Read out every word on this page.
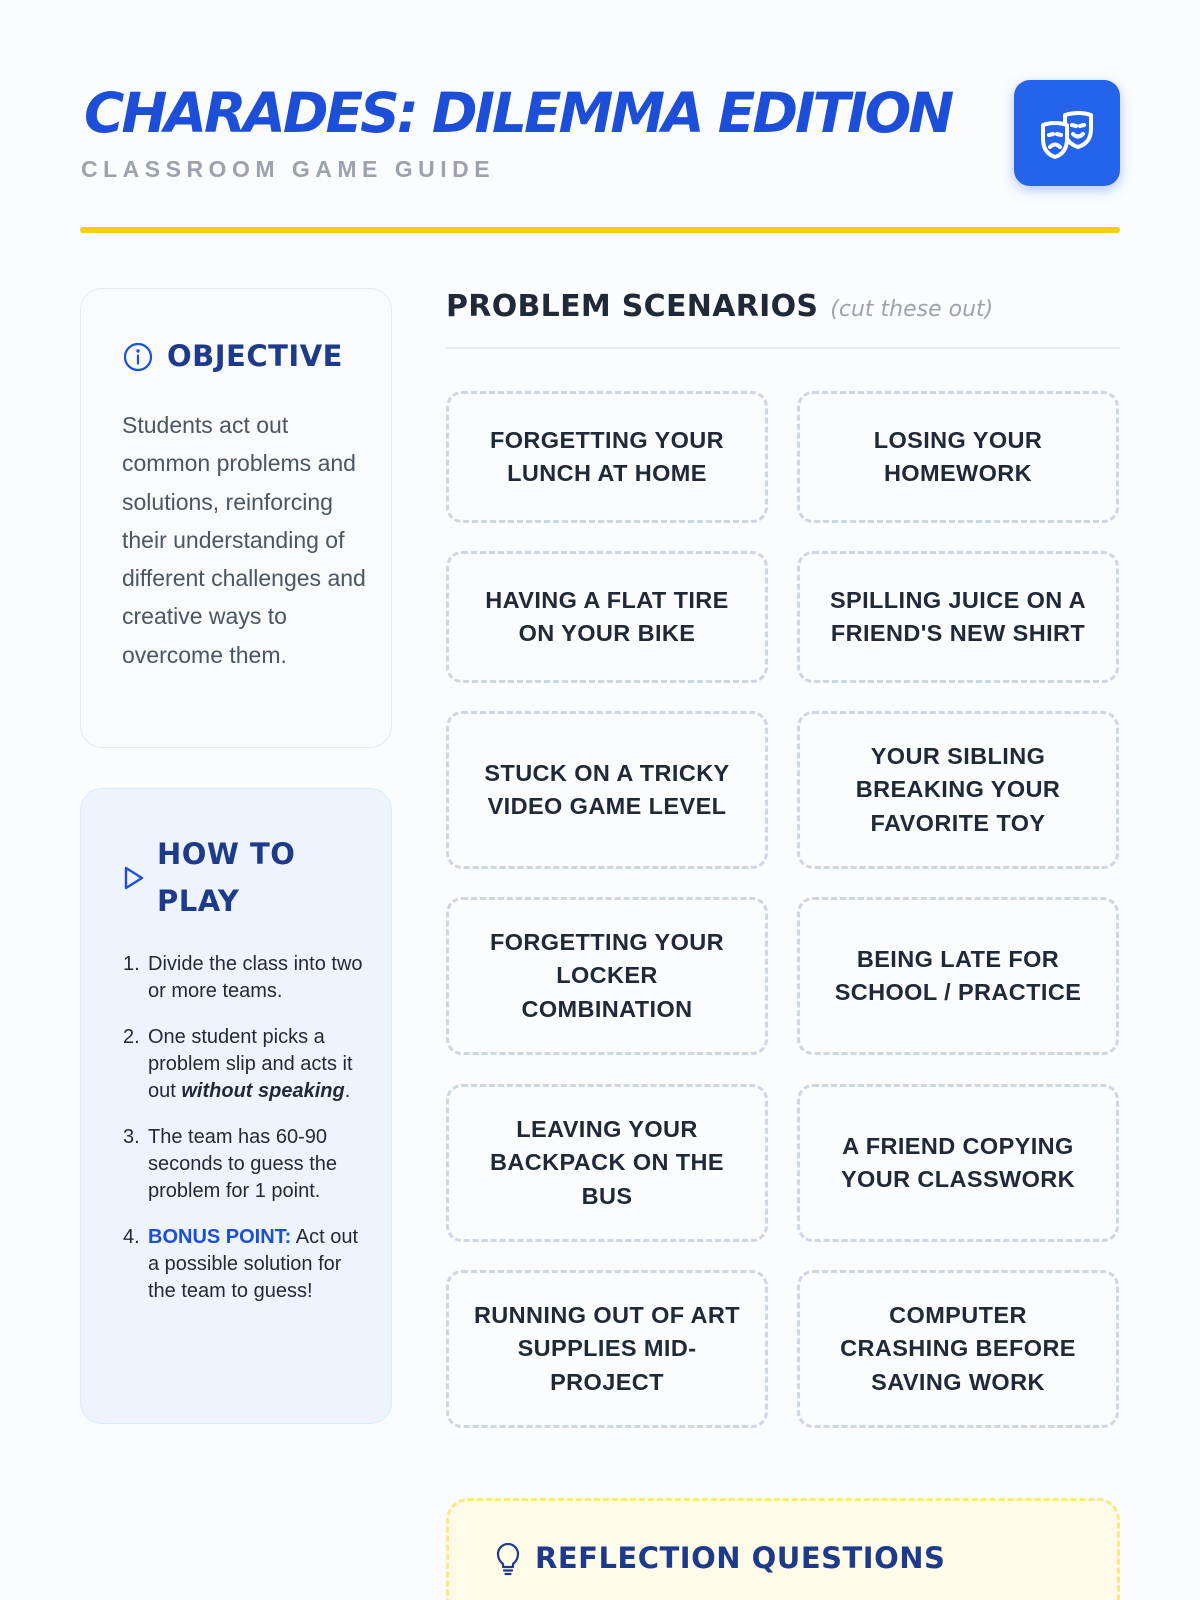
CHARADES: DILEMMA EDITION
CLASSROOM GAME GUIDE
OBJECTIVE

Students act out common problems and solutions, reinforcing their understanding of different challenges and creative ways to overcome them.

HOW TO PLAY
1. Divide the class into two or more teams.
2. One student picks a problem slip and acts it out without speaking.
3. The team has 60-90 seconds to guess the problem for 1 point.
4. BONUS POINT: Act out a possible solution for the team to guess!
PROBLEM SCENARIOS (cut these out)
FORGETTING YOUR LUNCH AT HOME
LOSING YOUR HOMEWORK
HAVING A FLAT TIRE ON YOUR BIKE
SPILLING JUICE ON A FRIEND'S NEW SHIRT
STUCK ON A TRICKY VIDEO GAME LEVEL
YOUR SIBLING BREAKING YOUR FAVORITE TOY
FORGETTING YOUR LOCKER COMBINATION
BEING LATE FOR SCHOOL / PRACTICE
LEAVING YOUR BACKPACK ON THE BUS
A FRIEND COPYING YOUR CLASSWORK
RUNNING OUT OF ART SUPPLIES MID-PROJECT
COMPUTER CRASHING BEFORE SAVING WORK
REFLECTION QUESTIONS
